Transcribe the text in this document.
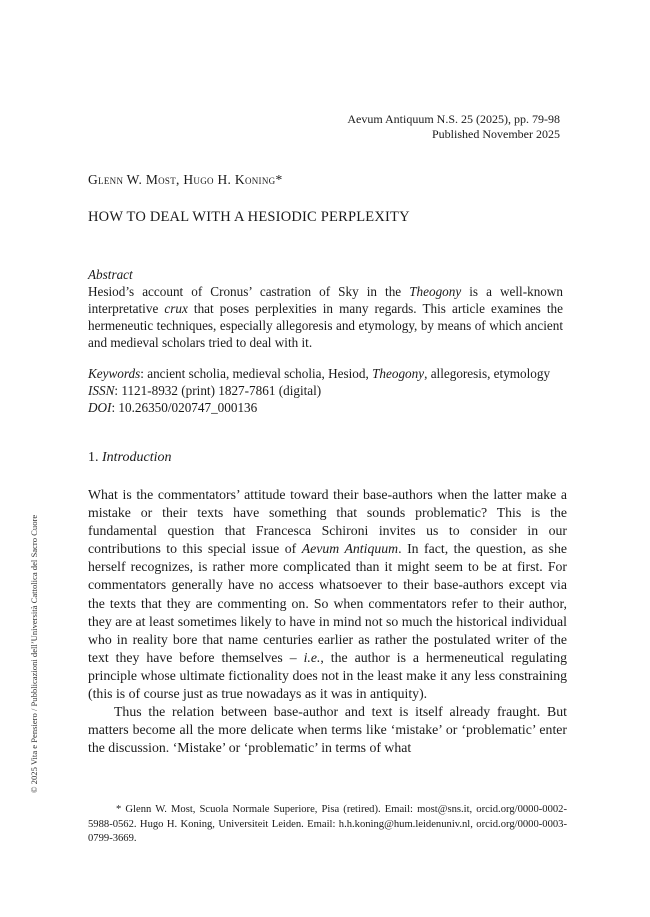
Aevum Antiquum N.S. 25 (2025), pp. 79-98
Published November 2025
Glenn W. Most, Hugo H. Koning*
HOW TO DEAL WITH A HESIODIC PERPLEXITY
Abstract
Hesiod’s account of Cronus’ castration of Sky in the Theogony is a well-known interpretative crux that poses perplexities in many regards. This article examines the hermeneutic techniques, especially allegoresis and etymology, by means of which ancient and medieval scholars tried to deal with it.
Keywords: ancient scholia, medieval scholia, Hesiod, Theogony, allegoresis, etymology
ISSN: 1121-8932 (print) 1827-7861 (digital)
DOI: 10.26350/020747_000136
1. Introduction

What is the commentators’ attitude toward their base-authors when the latter make a mistake or their texts have something that sounds problematic? This is the fundamental question that Francesca Schironi invites us to consider in our contributions to this special issue of Aevum Antiquum. In fact, the question, as she herself recognizes, is rather more complicated than it might seem to be at first. For commentators generally have no access whatsoever to their base-authors except via the texts that they are commenting on. So when commentators refer to their author, they are at least sometimes likely to have in mind not so much the historical individual who in reality bore that name centuries earlier as rather the postulated writer of the text they have before themselves – i.e., the author is a hermeneutical regulating principle whose ultimate fictionality does not in the least make it any less constraining (this is of course just as true nowadays as it was in antiquity).

Thus the relation between base-author and text is itself already fraught. But matters become all the more delicate when terms like ‘mistake’ or ‘problematic’ enter the discussion. ‘Mistake’ or ‘problematic’ in terms of what

* Glenn W. Most, Scuola Normale Superiore, Pisa (retired). Email: most@sns.it, orcid.org/0000-0002-5988-0562. Hugo H. Koning, Universiteit Leiden. Email: h.h.koning@hum.leidenuniv.nl, orcid.org/0000-0003-0799-3669.
© 2025 Vita e Pensiero / Pubblicazioni dell’Università Cattolica del Sacro Cuore
